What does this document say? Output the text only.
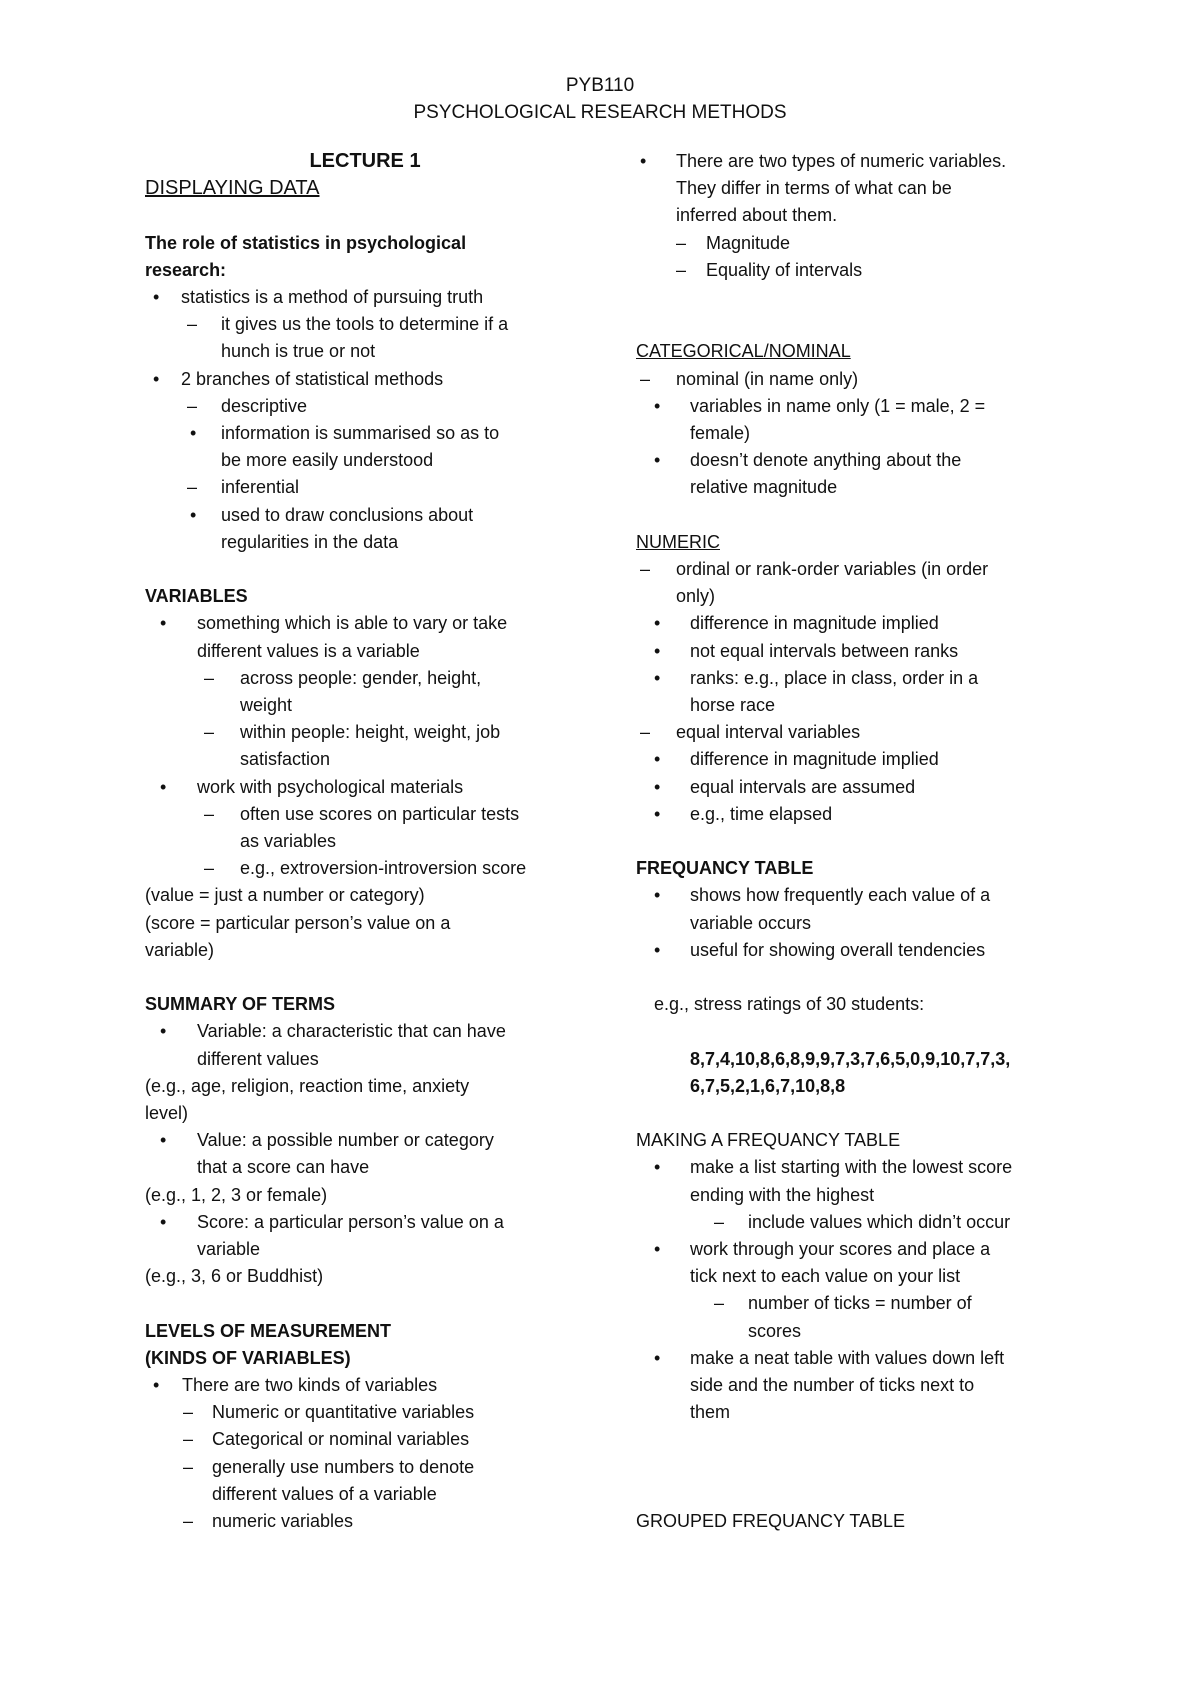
PYB110
PSYCHOLOGICAL RESEARCH METHODS
LECTURE 1
DISPLAYING DATA
The role of statistics in psychological
research:
•	statistics is a method of pursuing truth
–	it gives us the tools to determine if a
hunch is true or not
•	2 branches of statistical methods
–	descriptive
•	information is summarised so as to
be more easily understood
–	inferential
•	used to draw conclusions about
regularities in the data
VARIABLES
•	something which is able to vary or take
different values is a variable
–	across people: gender, height,
weight
–	within people: height, weight, job
satisfaction
•	work with psychological materials
–	often use scores on particular tests
as variables
–	e.g., extroversion-introversion score
(value = just a number or category)
(score = particular person’s value on a
variable)
SUMMARY OF TERMS
•	Variable: a characteristic that can have
different values
(e.g., age, religion, reaction time, anxiety
level)
•	Value: a possible number or category
that a score can have
(e.g., 1, 2, 3 or female)
•	Score: a particular person’s value on a
variable
(e.g., 3, 6 or Buddhist)
LEVELS OF MEASUREMENT
(KINDS OF VARIABLES)
•	There are two kinds of variables
–	Numeric or quantitative variables
–	Categorical or nominal variables
–	generally use numbers to denote
different values of a variable
–	numeric variables
•	There are two types of numeric variables.
They differ in terms of what can be
inferred about them.
–	Magnitude
–	Equality of intervals
CATEGORICAL/NOMINAL
–	nominal (in name only)
•	variables in name only (1 = male, 2 =
female)
•	doesn’t denote anything about the
relative magnitude
NUMERIC
–	ordinal or rank-order variables (in order
only)
•	difference in magnitude implied
•	not equal intervals between ranks
•	ranks: e.g., place in class, order in a
horse race
–	equal interval variables
•	difference in magnitude implied
•	equal intervals are assumed
•	e.g., time elapsed
FREQUANCY TABLE
•	shows how frequently each value of a
variable occurs
•	useful for showing overall tendencies
e.g., stress ratings of 30 students:
8,7,4,10,8,6,8,9,9,7,3,7,6,5,0,9,10,7,7,3,
6,7,5,2,1,6,7,10,8,8
MAKING A FREQUANCY TABLE
•	make a list starting with the lowest score
ending with the highest
–	include values which didn’t occur
•	work through your scores and place a
tick next to each value on your list
–	number of ticks = number of
scores
•	make a neat table with values down left
side and the number of ticks next to
them
GROUPED FREQUANCY TABLE
